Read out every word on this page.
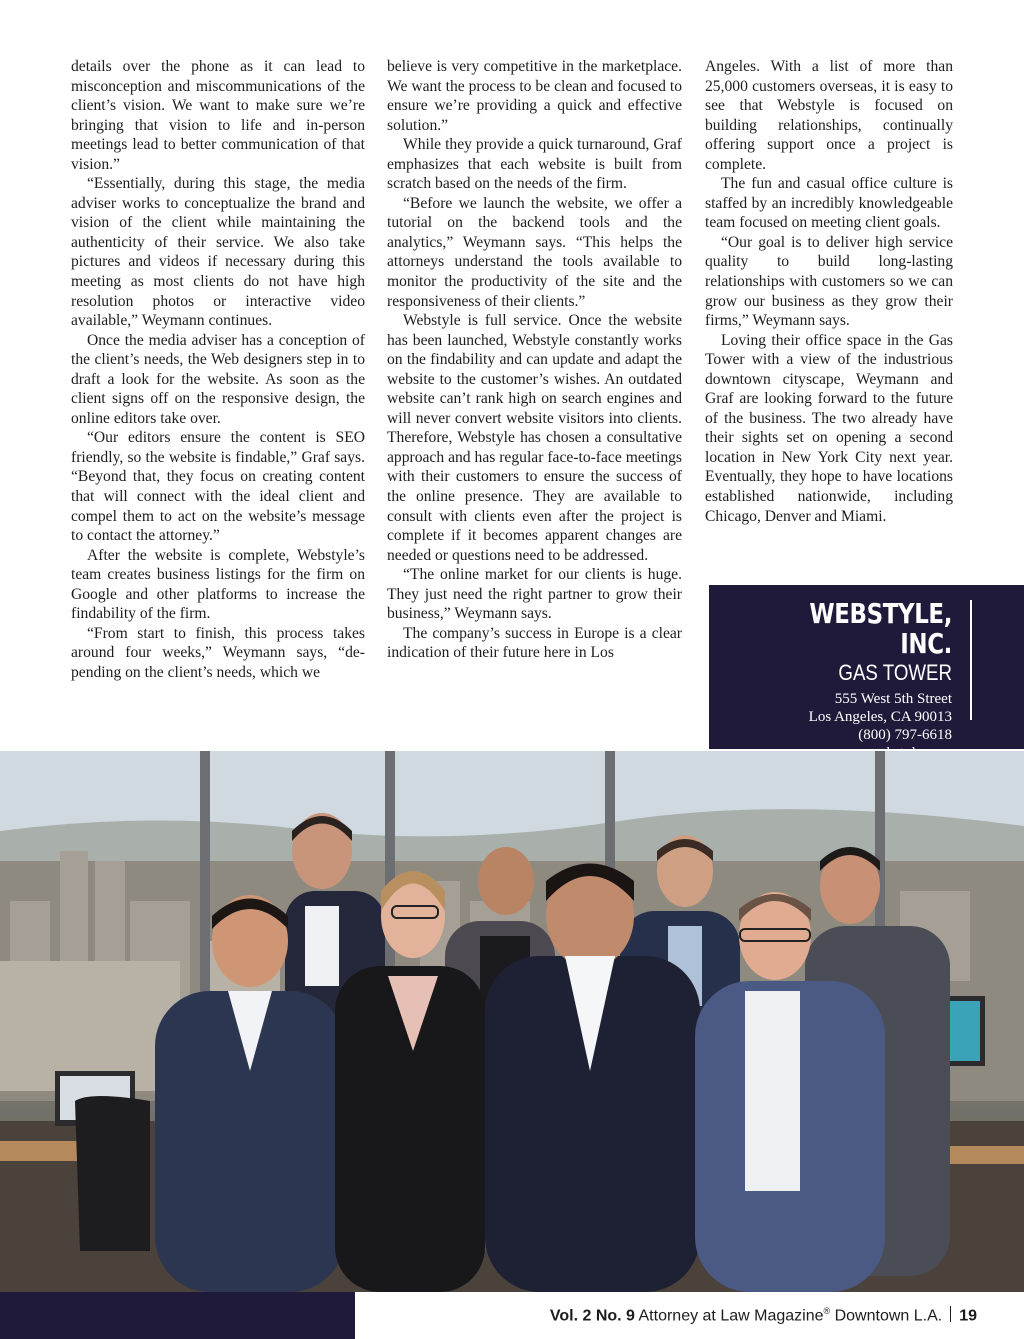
details over the phone as it can lead to misconception and miscommunications of the client’s vision. We want to make sure we’re bringing that vision to life and in-person meetings lead to better communication of that vision.”

“Essentially, during this stage, the media adviser works to conceptualize the brand and vision of the client while maintaining the authenticity of their service. We also take pictures and videos if necessary during this meeting as most clients do not have high resolution photos or interactive video available,” Weymann continues.

Once the media adviser has a conception of the client’s needs, the Web designers step in to draft a look for the website. As soon as the client signs off on the responsive design, the online editors take over.

“Our editors ensure the content is SEO friendly, so the website is findable,” Graf says. “Beyond that, they focus on creating content that will connect with the ideal client and compel them to act on the website’s message to contact the attorney.”

After the website is complete, Webstyle’s team creates business listings for the firm on Google and other platforms to increase the findability of the firm.

“From start to finish, this process takes around four weeks,” Weymann says, “depending on the client’s needs, which we

believe is very competitive in the marketplace. We want the process to be clean and focused to ensure we’re providing a quick and effective solution.”

While they provide a quick turnaround, Graf emphasizes that each website is built from scratch based on the needs of the firm.

“Before we launch the website, we offer a tutorial on the backend tools and the analytics,” Weymann says. “This helps the attorneys understand the tools available to monitor the productivity of the site and the responsiveness of their clients.”

Webstyle is full service. Once the website has been launched, Webstyle constantly works on the findability and can update and adapt the website to the customer’s wishes. An outdated website can’t rank high on search engines and will never convert website visitors into clients. Therefore, Webstyle has chosen a consultative approach and has regular face-to-face meetings with their customers to ensure the success of the online presence. They are available to consult with clients even after the project is complete if it becomes apparent changes are needed or questions need to be addressed.

“The online market for our clients is huge. They just need the right partner to grow their business,” Weymann says.

The company’s success in Europe is a clear indication of their future here in Los

Angeles. With a list of more than 25,000 customers overseas, it is easy to see that Webstyle is focused on building relationships, continually offering support once a project is complete.

The fun and casual office culture is staffed by an incredibly knowledgeable team focused on meeting client goals.

“Our goal is to deliver high service quality to build long-lasting relationships with customers so we can grow our business as they grow their firms,” Weymann says.

Loving their office space in the Gas Tower with a view of the industrious downtown cityscape, Weymann and Graf are looking forward to the future of the business. The two already have their sights set on opening a second location in New York City next year. Eventually, they hope to have locations established nationwide, including Chicago, Denver and Miami.

WEBSTYLE, INC.
GAS TOWER
555 West 5th Street
Los Angeles, CA 90013
(800) 797-6618
Vol. 2 No. 9 Attorney at Law Magazine® Downtown L.A. 19
